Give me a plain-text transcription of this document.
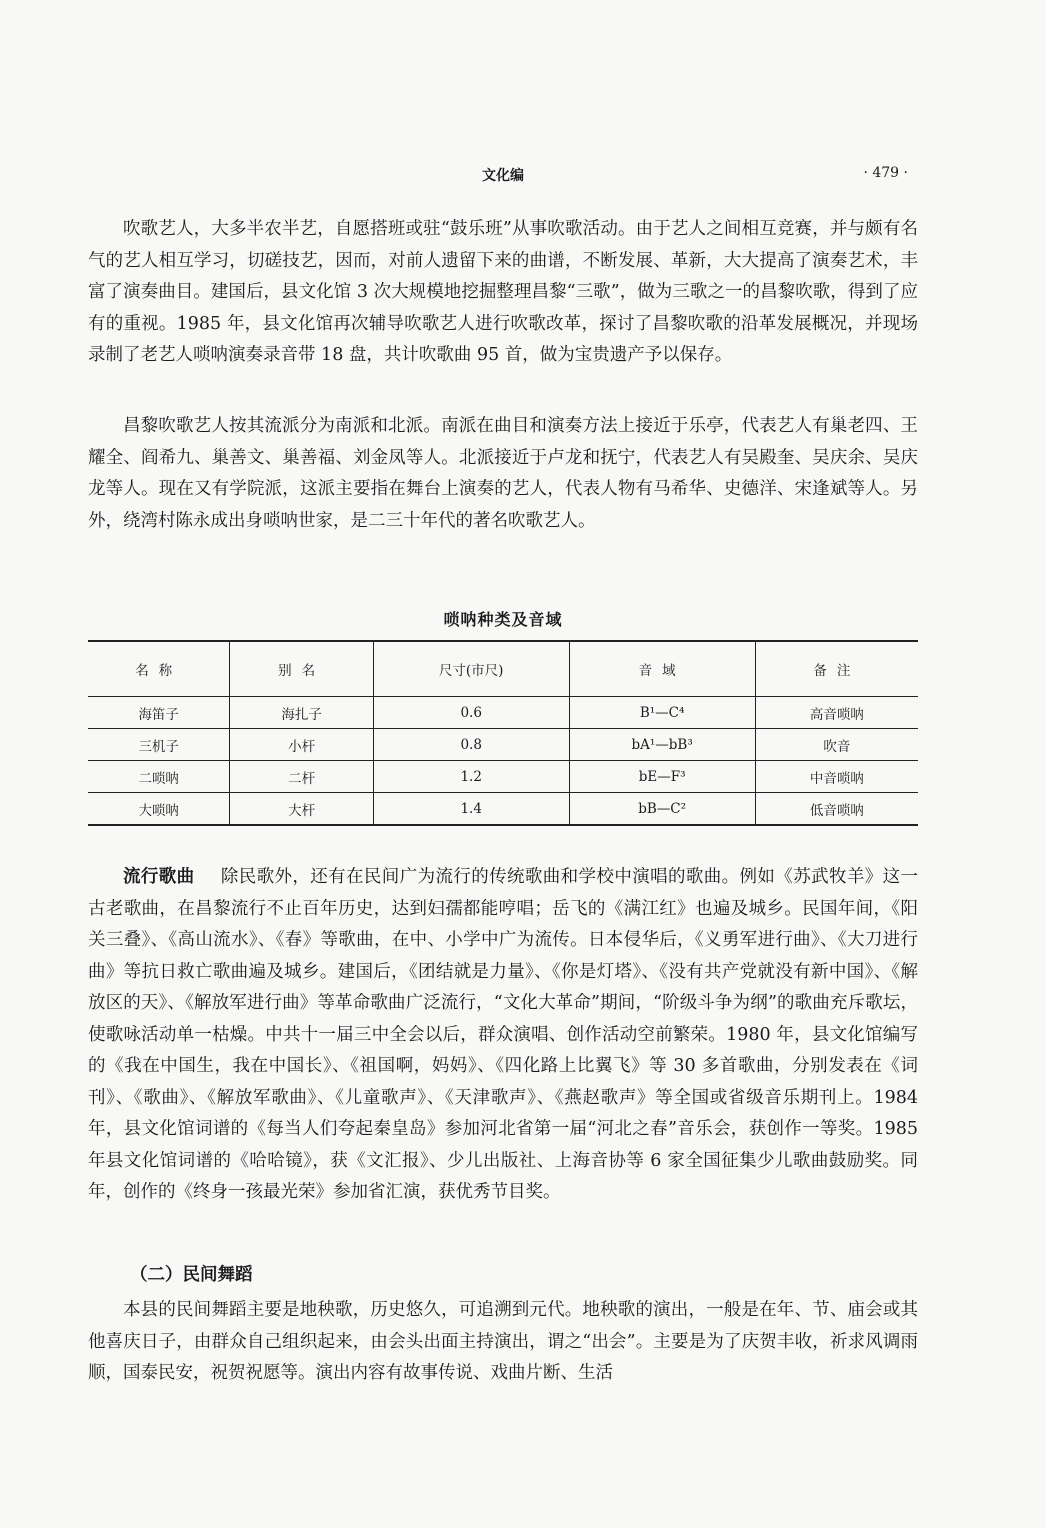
文化编	· 479 ·

吹歌艺人，大多半农半艺，自愿搭班或驻“鼓乐班”从事吹歌活动。由于艺人之间相互竞赛，并与颇有名气的艺人相互学习，切磋技艺，因而，对前人遗留下来的曲谱，不断发展、革新，大大提高了演奏艺术，丰富了演奏曲目。建国后，县文化馆 3 次大规模地挖掘整理昌黎“三歌”，做为三歌之一的昌黎吹歌，得到了应有的重视。1985 年，县文化馆再次辅导吹歌艺人进行吹歌改革，探讨了昌黎吹歌的沿革发展概况，并现场录制了老艺人唢呐演奏录音带 18 盘，共计吹歌曲 95 首，做为宝贵遗产予以保存。

昌黎吹歌艺人按其流派分为南派和北派。南派在曲目和演奏方法上接近于乐亭，代表艺人有巢老四、王耀全、阎希九、巢善文、巢善福、刘金凤等人。北派接近于卢龙和抚宁，代表艺人有吴殿奎、吴庆余、吴庆龙等人。现在又有学院派，这派主要指在舞台上演奏的艺人，代表人物有马希华、史德洋、宋逢斌等人。另外，绕湾村陈永成出身唢呐世家，是二三十年代的著名吹歌艺人。

唢呐种类及音域
名称	别名	尺寸(市尺)	音域	备注
海笛子	海扎子	0.6	B¹—C⁴	高音唢呐
三机子	小杆	0.8	bA¹—bB³	吹音
二唢呐	二杆	1.2	bE—F³	中音唢呐
大唢呐	大杆	1.4	bB—C²	低音唢呐

流行歌曲 除民歌外，还有在民间广为流行的传统歌曲和学校中演唱的歌曲。例如《苏武牧羊》这一古老歌曲，在昌黎流行不止百年历史，达到妇孺都能哼唱；岳飞的《满江红》也遍及城乡。民国年间，《阳关三叠》、《高山流水》、《春》等歌曲，在中、小学中广为流传。日本侵华后，《义勇军进行曲》、《大刀进行曲》等抗日救亡歌曲遍及城乡。建国后，《团结就是力量》、《你是灯塔》、《没有共产党就没有新中国》、《解放区的天》、《解放军进行曲》等革命歌曲广泛流行，“文化大革命”期间，“阶级斗争为纲”的歌曲充斥歌坛，使歌咏活动单一枯燥。中共十一届三中全会以后，群众演唱、创作活动空前繁荣。1980 年，县文化馆编写的《我在中国生，我在中国长》、《祖国啊，妈妈》、《四化路上比翼飞》等 30 多首歌曲，分别发表在《词刊》、《歌曲》、《解放军歌曲》、《儿童歌声》、《天津歌声》、《燕赵歌声》等全国或省级音乐期刊上。1984 年，县文化馆词谱的《每当人们夸起秦皇岛》参加河北省第一届“河北之春”音乐会，获创作一等奖。1985 年县文化馆词谱的《哈哈镜》，获《文汇报》、少儿出版社、上海音协等 6 家全国征集少儿歌曲鼓励奖。同年，创作的《终身一孩最光荣》参加省汇演，获优秀节目奖。

（二）民间舞蹈

本县的民间舞蹈主要是地秧歌，历史悠久，可追溯到元代。地秧歌的演出，一般是在年、节、庙会或其他喜庆日子，由群众自己组织起来，由会头出面主持演出，谓之“出会”。主要是为了庆贺丰收，祈求风调雨顺，国泰民安，祝贺祝愿等。演出内容有故事传说、戏曲片断、生活
